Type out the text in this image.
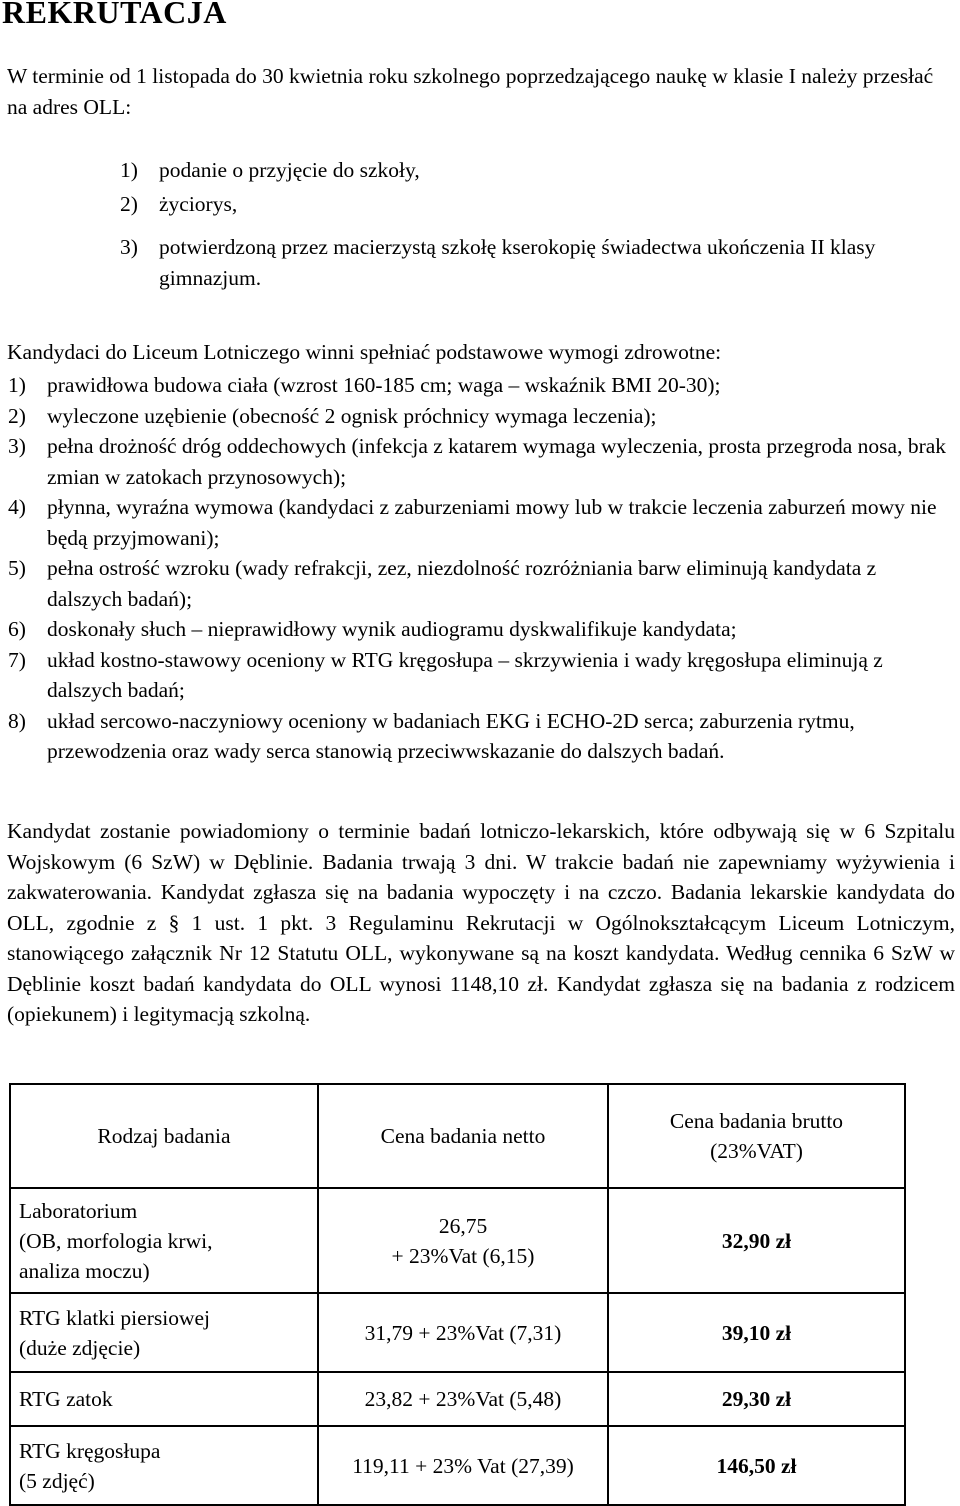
REKRUTACJA

W terminie od 1 listopada do 30 kwietnia roku szkolnego poprzedzającego naukę w klasie I należy przesłać na adres OLL:

1) podanie o przyjęcie do szkoły,
2) życiorys,
3) potwierdzoną przez macierzystą szkołę kserokopię świadectwa ukończenia II klasy gimnazjum.

Kandydaci do Liceum Lotniczego winni spełniać podstawowe wymogi zdrowotne:

1) prawidłowa budowa ciała (wzrost 160-185 cm; waga – wskaźnik BMI 20-30);
2) wyleczone uzębienie (obecność 2 ognisk próchnicy wymaga leczenia);
3) pełna drożność dróg oddechowych (infekcja z katarem wymaga wyleczenia, prosta przegroda nosa, brak zmian w zatokach przynosowych);
4) płynna, wyraźna wymowa (kandydaci z zaburzeniami mowy lub w trakcie leczenia zaburzeń mowy nie będą przyjmowani);
5) pełna ostrość wzroku (wady refrakcji, zez, niezdolność rozróżniania barw eliminują kandydata z dalszych badań);
6) doskonały słuch – nieprawidłowy wynik audiogramu dyskwalifikuje kandydata;
7) układ kostno-stawowy oceniony w RTG kręgosłupa – skrzywienia i wady kręgosłupa eliminują z dalszych badań;
8) układ sercowo-naczyniowy oceniony w badaniach EKG i ECHO-2D serca; zaburzenia rytmu, przewodzenia oraz wady serca stanowią przeciwwskazanie do dalszych badań.

Kandydat zostanie powiadomiony o terminie badań lotniczo-lekarskich, które odbywają się w 6 Szpitalu Wojskowym (6 SzW) w Dęblinie. Badania trwają 3 dni. W trakcie badań nie zapewniamy wyżywienia i zakwaterowania. Kandydat zgłasza się na badania wypoczęty i na czczo. Badania lekarskie kandydata do OLL, zgodnie z § 1 ust. 1 pkt. 3 Regulaminu Rekrutacji w Ogólnokształcącym Liceum Lotniczym, stanowiącego załącznik Nr 12 Statutu OLL, wykonywane są na koszt kandydata. Według cennika 6 SzW w Dęblinie koszt badań kandydata do OLL wynosi 1148,10 zł. Kandydat zgłasza się na badania z rodzicem (opiekunem) i legitymacją szkolną.

Rodzaj badania	Cena badania netto	Cena badania brutto
(23%VAT)
Laboratorium
(OB, morfologia krwi,
analiza moczu)	26,75
+ 23%Vat (6,15)	32,90 zł
RTG klatki piersiowej
(duże zdjęcie)	31,79 + 23%Vat (7,31)	39,10 zł
RTG zatok	23,82 + 23%Vat (5,48)	29,30 zł
RTG kręgosłupa
(5 zdjęć)	119,11 + 23% Vat (27,39)	146,50 zł
